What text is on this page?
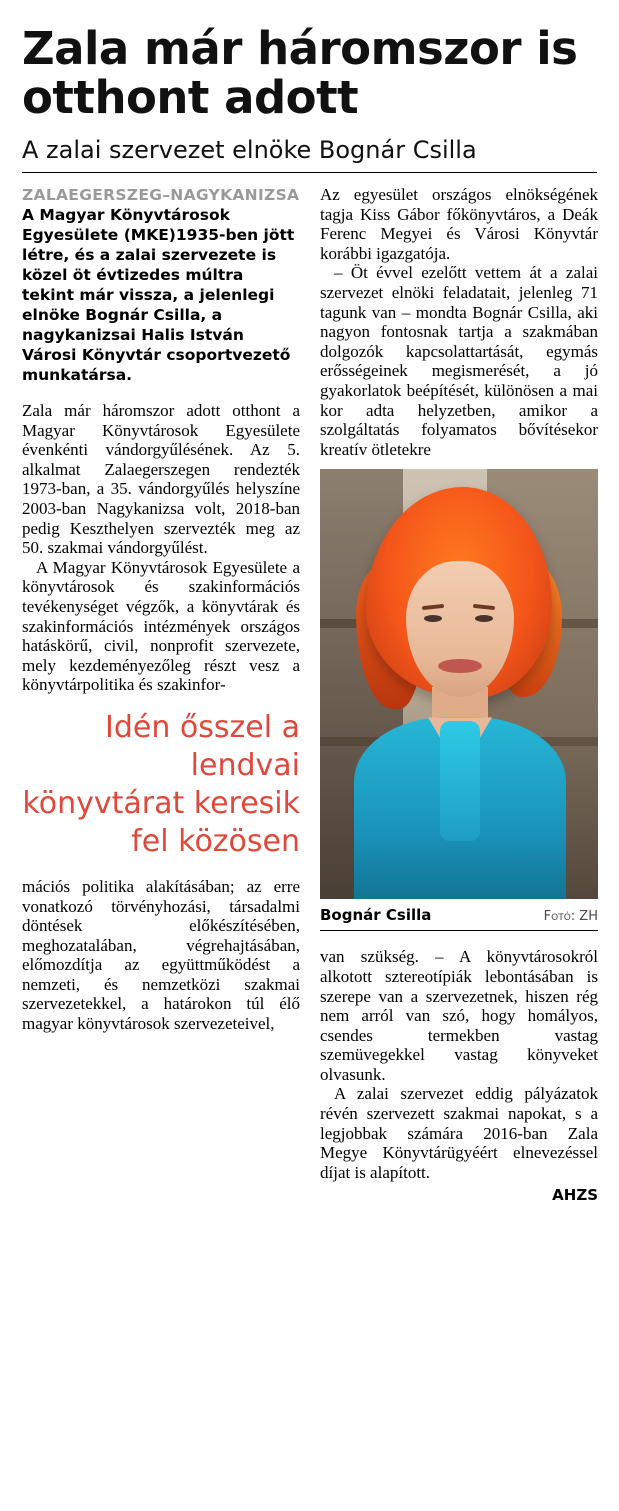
Zala már háromszor is otthont adott
A zalai szervezet elnöke Bognár Csilla

ZALAEGERSZEG–NAGYKANIZSA A Magyar Könyvtárosok Egyesülete (MKE)1935-ben jött létre, és a zalai szervezete is közel öt évtizedes múltra tekint már vissza, a jelenlegi elnöke Bognár Csilla, a nagykanizsai Halis István Városi Könyvtár csoportvezető munkatársa.

Zala már háromszor adott otthont a Magyar Könyvtárosok Egyesülete évenkénti vándorgyűlésének. Az 5. alkalmat Zalaegerszegen rendezték 1973-ban, a 35. vándorgyűlés helyszíne 2003-ban Nagykanizsa volt, 2018-ban pedig Keszthelyen szervezték meg az 50. szakmai vándorgyűlést.

A Magyar Könyvtárosok Egyesülete a könyvtárosok és szakinformációs tevékenységet végzők, a könyvtárak és szakinformációs intézmények országos hatáskörű, civil, nonprofit szervezete, mely kezdeményezőleg részt vesz a könyvtárpolitika és szakinfor-

Idén ősszel a lendvai könyvtárat keresik fel közösen

mációs politika alakításában; az erre vonatkozó törvényhozási, társadalmi döntések előkészítésében, meghozatalában, végrehajtásában, előmozdítja az együttműködést a nemzeti, és nemzetközi szakmai szervezetekkel, a határokon túl élő magyar könyvtárosok szervezeteivel,

Az egyesület országos elnökségének tagja Kiss Gábor főkönyvtáros, a Deák Ferenc Megyei és Városi Könyvtár korábbi igazgatója.

– Öt évvel ezelőtt vettem át a zalai szervezet elnöki feladatait, jelenleg 71 tagunk van – mondta Bognár Csilla, aki nagyon fontosnak tartja a szakmában dolgozók kapcsolattartását, egymás erősségeinek megismerését, a jó gyakorlatok beépítését, különösen a mai kor adta helyzetben, amikor a szolgáltatás folyamatos bővítésekor kreatív ötletekre

Bognár Csilla	Fotó: ZH

van szükség. – A könyvtárosokról alkotott sztereotípiák lebontásában is szerepe van a szervezetnek, hiszen rég nem arról van szó, hogy homályos, csendes termekben vastag szemüvegekkel vastag könyveket olvasunk.

A zalai szervezet eddig pályázatok révén szervezett szakmai napokat, s a legjobbak számára 2016-ban Zala Megye Könyvtárügyéért elnevezéssel díjat is alapított.

AHZS
